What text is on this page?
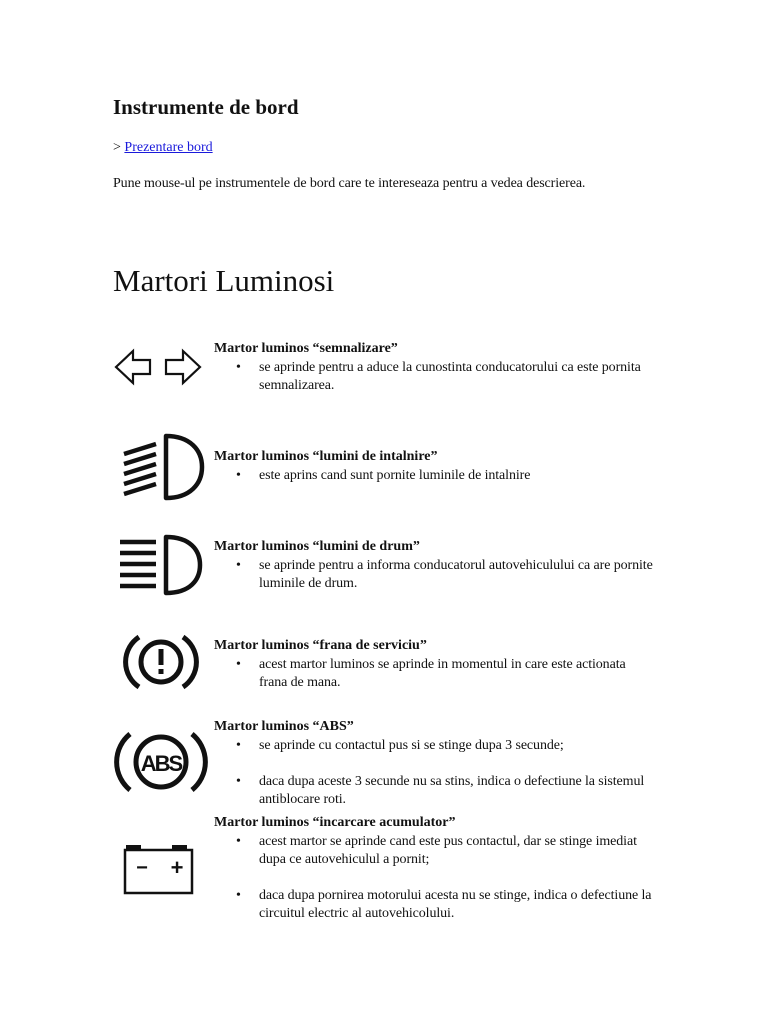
Instrumente de bord
> Prezentare bord

Pune mouse-ul pe instrumentele de bord care te intereseaza pentru a vedea descrierea.

Martori Luminosi

Martor luminos “semnalizare”

• se aprinde pentru a aduce la cunostinta conducatorului ca este pornita semnalizarea.

Martor luminos “lumini de intalnire”

• este aprins cand sunt pornite luminile de intalnire

Martor luminos “lumini de drum”

• se aprinde pentru a informa conducatorul autovehiculului ca are pornite luminile de drum.

Martor luminos “frana de serviciu”

• acest martor luminos se aprinde in momentul in care este actionata frana de mana.
ABS

Martor luminos “ABS”

• se aprinde cu contactul pus si se stinge dupa 3 secunde;
• daca dupa aceste 3 secunde nu sa stins, indica o defectiune la sistemul antiblocare roti.
− +

Martor luminos “incarcare acumulator”

• acest martor se aprinde cand este pus contactul, dar se stinge imediat dupa ce autovehiculul a pornit;
• daca dupa pornirea motorului acesta nu se stinge, indica o defectiune la circuitul electric al autovehicolului.
